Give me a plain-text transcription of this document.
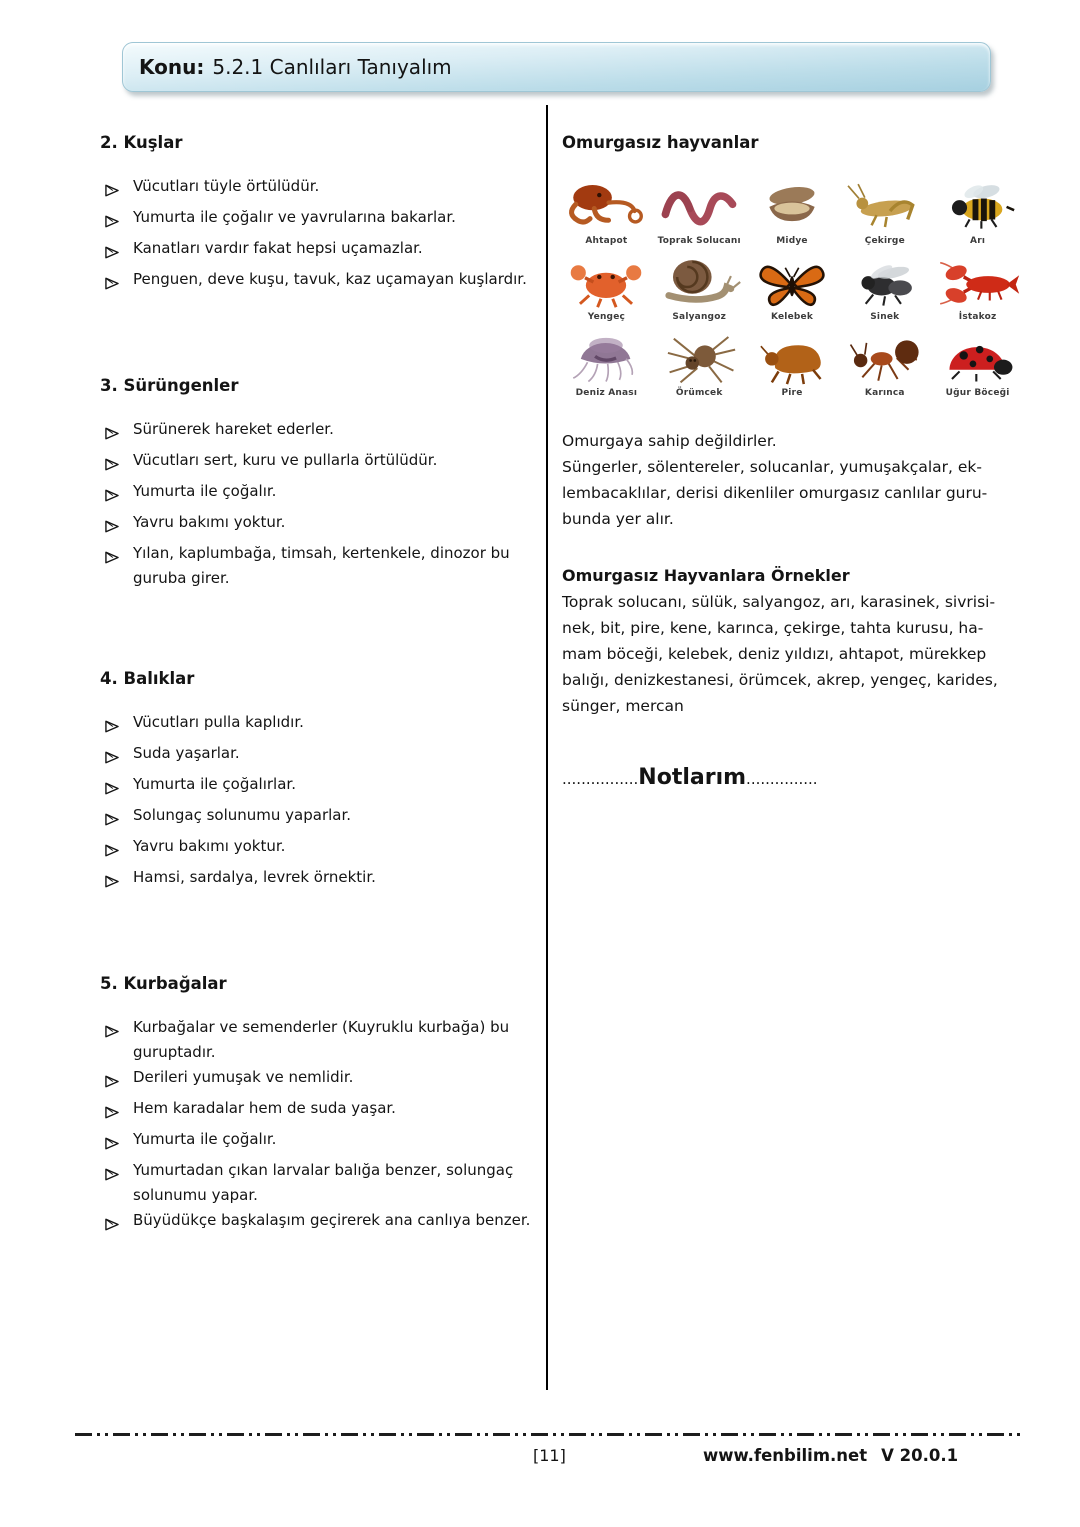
Konu: 5.2.1 Canlıları Tanıyalım
2. Kuşlar
Vücutları tüyle örtülüdür.
Yumurta ile çoğalır ve yavrularına bakarlar.
Kanatları vardır fakat hepsi uçamazlar.
Penguen, deve kuşu, tavuk, kaz uçamayan kuşlardır.
3. Sürüngenler
Sürünerek hareket ederler.
Vücutları sert, kuru ve pullarla örtülüdür.
Yumurta ile çoğalır.
Yavru bakımı yoktur.
Yılan, kaplumbağa, timsah, kertenkele, dinozor bu guruba girer.
4. Balıklar
Vücutları pulla kaplıdır.
Suda yaşarlar.
Yumurta ile çoğalırlar.
Solungaç solunumu yaparlar.
Yavru bakımı yoktur.
Hamsi, sardalya, levrek örnektir.
5. Kurbağalar
Kurbağalar ve semenderler (Kuyruklu kurbağa) bu guruptadır.
Derileri yumuşak ve nemlidir.
Hem karadalar hem de suda yaşar.
Yumurta ile çoğalır.
Yumurtadan çıkan larvalar balığa benzer, solungaç solunumu yapar.
Büyüdükçe başkalaşım geçirerek ana canlıya benzer.
Omurgasız hayvanlar
Ahtapot	Toprak Solucanı	Midye	Çekirge	Arı
Yengeç	Salyangoz	Kelebek	Sinek	İstakoz
Deniz Anası	Örümcek	Pire	Karınca	Uğur Böceği
Omurgaya sahip değildirler.
Süngerler, sölentereler, solucanlar, yumuşakçalar, ek-
lembacaklılar, derisi dikenliler omurgasız canlılar guru-
bunda yer alır.
Omurgasız Hayvanlara Örnekler
Toprak solucanı, sülük, salyangoz, arı, karasinek, sivrisi-
nek, bit, pire, kene, karınca, çekirge, tahta kurusu, ha-
mam böceği, kelebek, deniz yıldızı, ahtapot, mürekkep
balığı, denizkestanesi, örümcek, akrep, yengeç, karides,
sünger, mercan
................ Notlarım ...............
[11]	www.fenbilim.net V 20.0.1
